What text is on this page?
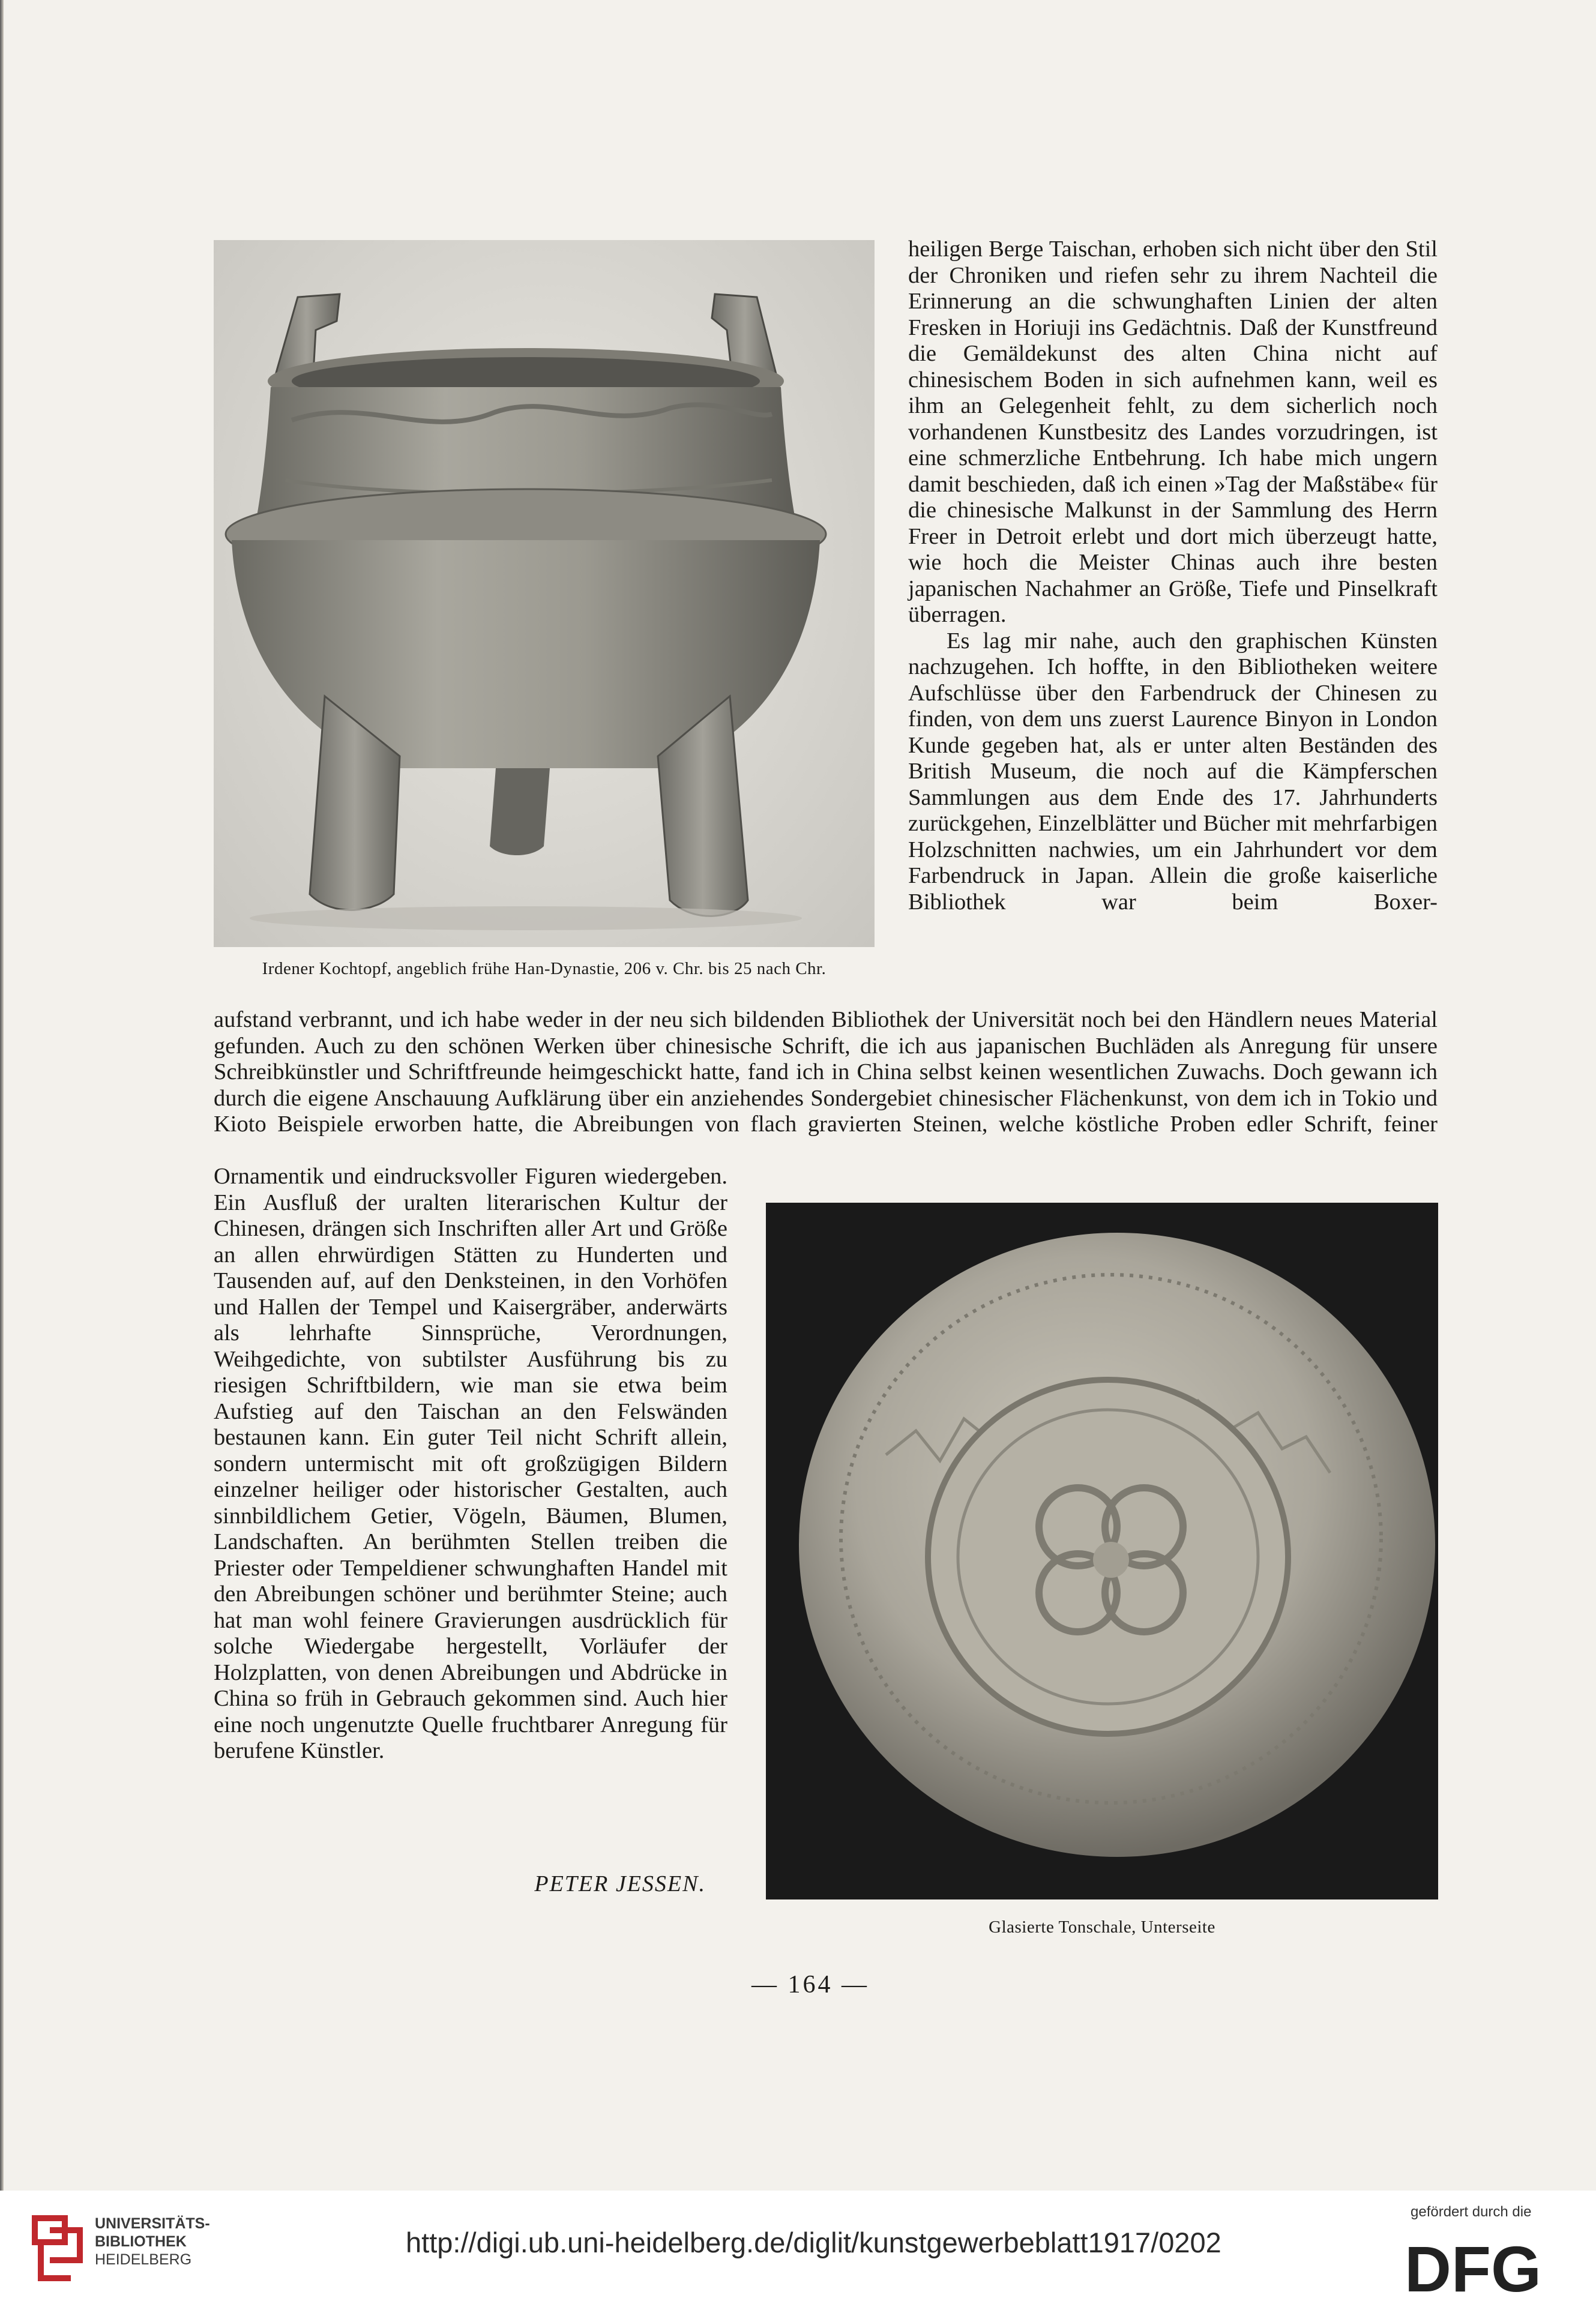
Irdener Kochtopf, angeblich frühe Han-Dynastie, 206 v. Chr. bis 25 nach Chr.
heiligen Berge Taischan, erhoben sich nicht über den Stil der Chroniken und riefen sehr zu ihrem Nachteil die Erinnerung an die schwunghaften Linien der alten Fresken in Horiuji ins Gedächtnis. Daß der Kunstfreund die Gemäldekunst des alten China nicht auf chinesischem Boden in sich aufnehmen kann, weil es ihm an Gelegenheit fehlt, zu dem sicherlich noch vorhandenen Kunstbesitz des Landes vorzudringen, ist eine schmerzliche Entbehrung. Ich habe mich ungern damit beschieden, daß ich einen »Tag der Maßstäbe« für die chinesische Malkunst in der Sammlung des Herrn Freer in Detroit erlebt und dort mich überzeugt hatte, wie hoch die Meister Chinas auch ihre besten japanischen Nachahmer an Größe, Tiefe und Pinselkraft überragen.
Es lag mir nahe, auch den graphischen Künsten nachzugehen. Ich hoffte, in den Bibliotheken weitere Aufschlüsse über den Farbendruck der Chinesen zu finden, von dem uns zuerst Laurence Binyon in London Kunde gegeben hat, als er unter alten Beständen des British Museum, die noch auf die Kämpferschen Sammlungen aus dem Ende des 17. Jahrhunderts zurückgehen, Einzelblätter und Bücher mit mehrfarbigen Holzschnitten nachwies, um ein Jahrhundert vor dem Farbendruck in Japan. Allein die große kaiserliche Bibliothek war beim Boxer-

aufstand verbrannt, und ich habe weder in der neu sich bildenden Bibliothek der Universität noch bei den Händlern neues Material gefunden. Auch zu den schönen Werken über chinesische Schrift, die ich aus japanischen Buchläden als Anregung für unsere Schreibkünstler und Schriftfreunde heimgeschickt hatte, fand ich in China selbst keinen wesentlichen Zuwachs. Doch gewann ich durch die eigene Anschauung Aufklärung über ein anziehendes Sondergebiet chinesischer Flächenkunst, von dem ich in Tokio und Kioto Beispiele erworben hatte, die Abreibungen von flach gravierten Steinen, welche köstliche Proben edler Schrift, feiner

Ornamentik und eindrucksvoller Figuren wiedergeben. Ein Ausfluß der uralten literarischen Kultur der Chinesen, drängen sich Inschriften aller Art und Größe an allen ehrwürdigen Stätten zu Hunderten und Tausenden auf, auf den Denksteinen, in den Vorhöfen und Hallen der Tempel und Kaisergräber, anderwärts als lehrhafte Sinnsprüche, Verordnungen, Weihgedichte, von subtilster Ausführung bis zu riesigen Schriftbildern, wie man sie etwa beim Aufstieg auf den Taischan an den Felswänden bestaunen kann. Ein guter Teil nicht Schrift allein, sondern untermischt mit oft großzügigen Bildern einzelner heiliger oder historischer Gestalten, auch sinnbildlichem Getier, Vögeln, Bäumen, Blumen, Landschaften. An berühmten Stellen treiben die Priester oder Tempeldiener schwunghaften Handel mit den Abreibungen schöner und berühmter Steine; auch hat man wohl feinere Gravierungen ausdrücklich für solche Wiedergabe hergestellt, Vorläufer der Holzplatten, von denen Abreibungen und Abdrücke in China so früh in Gebrauch gekommen sind. Auch hier eine noch ungenutzte Quelle fruchtbarer Anregung für berufene Künstler.

PETER JESSEN.
Glasierte Tonschale, Unterseite
— 164 —
UNIVERSITÄTS-
BIBLIOTHEK
HEIDELBERG
http://digi.ub.uni-heidelberg.de/diglit/kunstgewerbeblatt1917/0202
gefördert durch die
DFG
